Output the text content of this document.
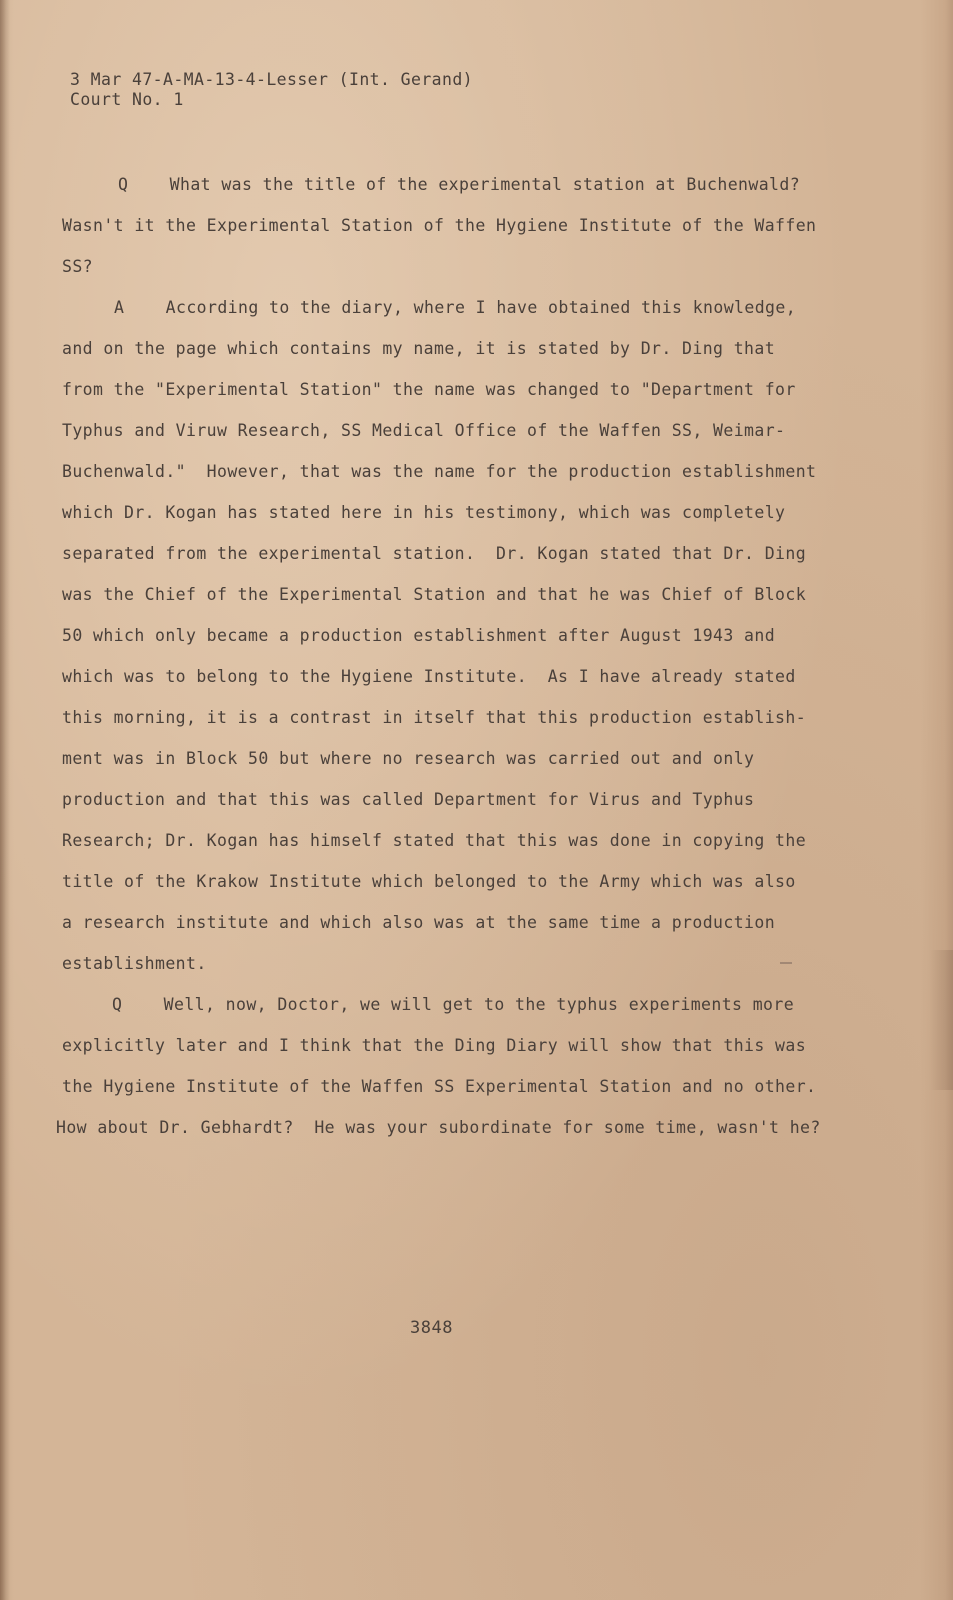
3 Mar 47-A-MA-13-4-Lesser (Int. Gerand)
Court No. 1
Q    What was the title of the experimental station at Buchenwald?
Wasn't it the Experimental Station of the Hygiene Institute of the Waffen
SS?
A    According to the diary, where I have obtained this knowledge,
and on the page which contains my name, it is stated by Dr. Ding that
from the "Experimental Station" the name was changed to "Department for
Typhus and Viruw Research, SS Medical Office of the Waffen SS, Weimar-
Buchenwald."  However, that was the name for the production establishment
which Dr. Kogan has stated here in his testimony, which was completely
separated from the experimental station.  Dr. Kogan stated that Dr. Ding
was the Chief of the Experimental Station and that he was Chief of Block
50 which only became a production establishment after August 1943 and
which was to belong to the Hygiene Institute.  As I have already stated
this morning, it is a contrast in itself that this production establish-
ment was in Block 50 but where no research was carried out and only
production and that this was called Department for Virus and Typhus
Research; Dr. Kogan has himself stated that this was done in copying the
title of the Krakow Institute which belonged to the Army which was also
a research institute and which also was at the same time a production
establishment.
Q    Well, now, Doctor, we will get to the typhus experiments more
explicitly later and I think that the Ding Diary will show that this was
the Hygiene Institute of the Waffen SS Experimental Station and no other.
How about Dr. Gebhardt?  He was your subordinate for some time, wasn't he?
3848
